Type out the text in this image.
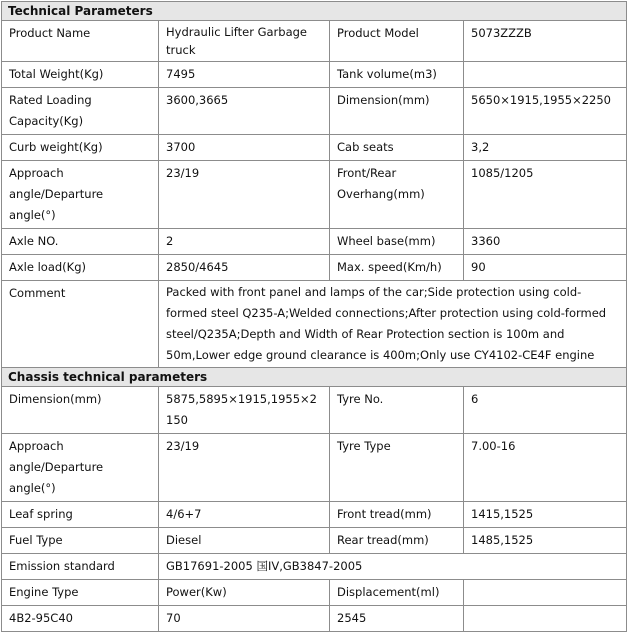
Technical Parameters			
Product Name	Hydraulic Lifter Garbage truck	Product Model	5073ZZZB
Total Weight(Kg)	7495	Tank volume(m3)	
Rated Loading Capacity(Kg)	3600,3665	Dimension(mm)	5650×1915,1955×2250
Curb weight(Kg)	3700	Cab seats	3,2
Approach angle/Departure angle(°)	23/19	Front/Rear Overhang(mm)	1085/1205
Axle NO.	2	Wheel base(mm)	3360
Axle load(Kg)	2850/4645	Max. speed(Km/h)	90
Comment	Packed with front panel and lamps of the car;Side protection using cold-formed steel Q235-A;Welded connections;After protection using cold-formed steel/Q235A;Depth and Width of Rear Protection section is 100m and 50m,Lower edge ground clearance is 400m;Only use CY4102-CE4F engine		
Chassis technical parameters			
Dimension(mm)	5875,5895×1915,1955×2150	Tyre No.	6
Approach angle/Departure angle(°)	23/19	Tyre Type	7.00-16
Leaf spring	4/6+7	Front tread(mm)	1415,1525
Fuel Type	Diesel	Rear tread(mm)	1485,1525
Emission standard	GB17691-2005 国IV,GB3847-2005		
Engine Type	Power(Kw)	Displacement(ml)	
4B2-95C40	70	2545	
